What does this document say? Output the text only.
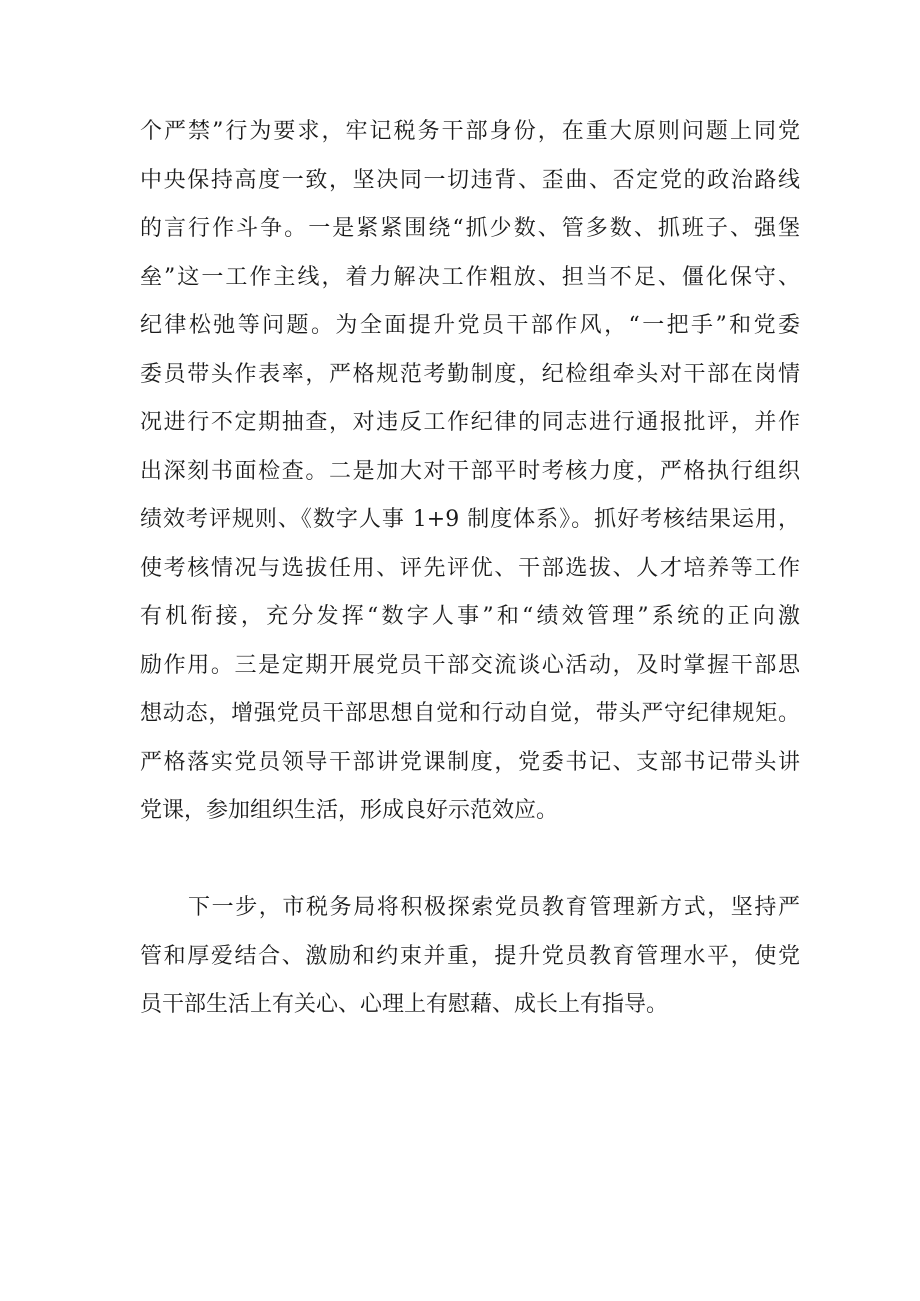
个严禁”行为要求，牢记税务干部身份，在重大原则问题上同党
中央保持高度一致，坚决同一切违背、歪曲、否定党的政治路线
的言行作斗争。一是紧紧围绕“抓少数、管多数、抓班子、强堡
垒”这一工作主线，着力解决工作粗放、担当不足、僵化保守、
纪律松弛等问题。为全面提升党员干部作风，“一把手”和党委
委员带头作表率，严格规范考勤制度，纪检组牵头对干部在岗情
况进行不定期抽查，对违反工作纪律的同志进行通报批评，并作
出深刻书面检查。二是加大对干部平时考核力度，严格执行组织
绩效考评规则、《数字人事 1+9 制度体系》。抓好考核结果运用，
使考核情况与选拔任用、评先评优、干部选拔、人才培养等工作
有机衔接，充分发挥“数字人事”和“绩效管理”系统的正向激
励作用。三是定期开展党员干部交流谈心活动，及时掌握干部思
想动态，增强党员干部思想自觉和行动自觉，带头严守纪律规矩。
严格落实党员领导干部讲党课制度，党委书记、支部书记带头讲
党课，参加组织生活，形成良好示范效应。
下一步，市税务局将积极探索党员教育管理新方式，坚持严
管和厚爱结合、激励和约束并重，提升党员教育管理水平，使党
员干部生活上有关心、心理上有慰藉、成长上有指导。
